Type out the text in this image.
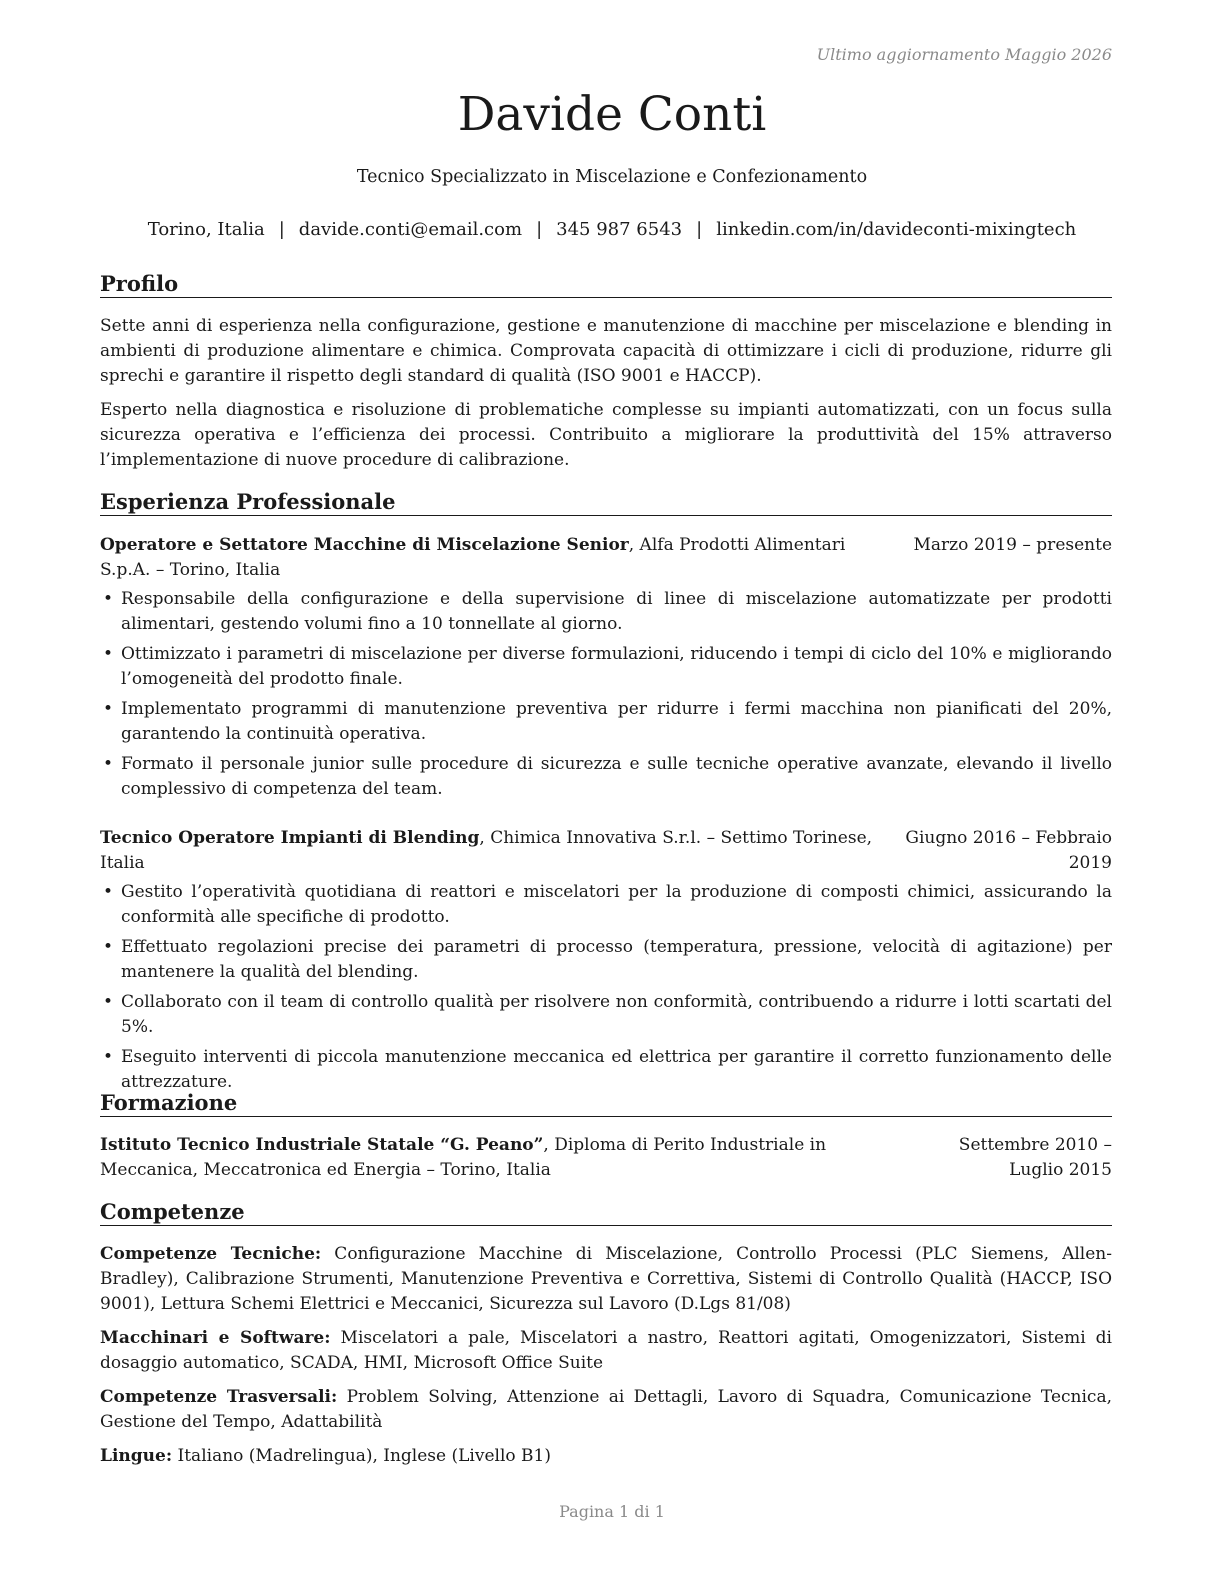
Ultimo aggiornamento Maggio 2026
Davide Conti
Tecnico Specializzato in Miscelazione e Confezionamento
Torino, Italia | davide.conti@email.com | 345 987 6543 | linkedin.com/in/davideconti-mixingtech
Profilo

Sette anni di esperienza nella configurazione, gestione e manutenzione di macchine per miscelazione e blending in ambienti di produzione alimentare e chimica. Comprovata capacità di ottimizzare i cicli di produzione, ridurre gli sprechi e garantire il rispetto degli standard di qualità (ISO 9001 e HACCP).

Esperto nella diagnostica e risoluzione di problematiche complesse su impianti automatizzati, con un focus sulla sicurezza operativa e l’efficienza dei processi. Contribuito a migliorare la produttività del 15% attraverso l’implementazione di nuove procedure di calibrazione.

Esperienza Professionale
Operatore e Settatore Macchine di Miscelazione Senior, Alfa Prodotti Alimentari S.p.A. – Torino, Italia
Marzo 2019 – presente
• Responsabile della configurazione e della supervisione di linee di miscelazione automatizzate per prodotti alimentari, gestendo volumi fino a 10 tonnellate al giorno.
• Ottimizzato i parametri di miscelazione per diverse formulazioni, riducendo i tempi di ciclo del 10% e migliorando l’omogeneità del prodotto finale.
• Implementato programmi di manutenzione preventiva per ridurre i fermi macchina non pianificati del 20%, garantendo la continuità operativa.
• Formato il personale junior sulle procedure di sicurezza e sulle tecniche operative avanzate, elevando il livello complessivo di competenza del team.
Tecnico Operatore Impianti di Blending, Chimica Innovativa S.r.l. – Settimo Torinese, Italia
Giugno 2016 – Febbraio 2019
• Gestito l’operatività quotidiana di reattori e miscelatori per la produzione di composti chimici, assicurando la conformità alle specifiche di prodotto.
• Effettuato regolazioni precise dei parametri di processo (temperatura, pressione, velocità di agitazione) per mantenere la qualità del blending.
• Collaborato con il team di controllo qualità per risolvere non conformità, contribuendo a ridurre i lotti scartati del 5%.
• Eseguito interventi di piccola manutenzione meccanica ed elettrica per garantire il corretto funzionamento delle attrezzature.
Formazione
Istituto Tecnico Industriale Statale “G. Peano”, Diploma di Perito Industriale in Meccanica, Meccatronica ed Energia – Torino, Italia
Settembre 2010 – Luglio 2015
Competenze
Competenze Tecniche: Configurazione Macchine di Miscelazione, Controllo Processi (PLC Siemens, Allen-Bradley), Calibrazione Strumenti, Manutenzione Preventiva e Correttiva, Sistemi di Controllo Qualità (HACCP, ISO 9001), Lettura Schemi Elettrici e Meccanici, Sicurezza sul Lavoro (D.Lgs 81/08)
Macchinari e Software: Miscelatori a pale, Miscelatori a nastro, Reattori agitati, Omogenizzatori, Sistemi di dosaggio automatico, SCADA, HMI, Microsoft Office Suite
Competenze Trasversali: Problem Solving, Attenzione ai Dettagli, Lavoro di Squadra, Comunicazione Tecnica, Gestione del Tempo, Adattabilità
Lingue: Italiano (Madrelingua), Inglese (Livello B1)
Pagina 1 di 1
